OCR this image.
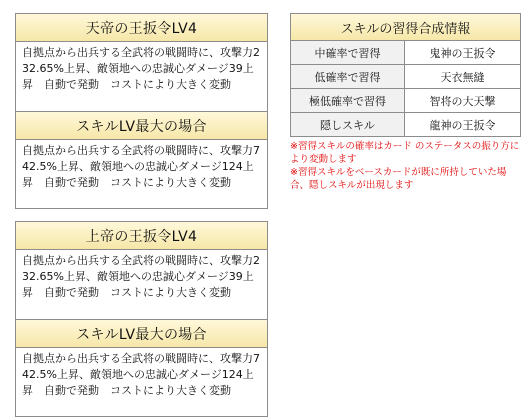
天帝の王扳令LV4
自拠点から出兵する全武将の戦闘時に、攻撃力232.65%上昇、敵領地への忠誠心ダメージ39上昇　自動で発動　コストにより大きく変動
スキルLV最大の場合
自拠点から出兵する全武将の戦闘時に、攻撃力742.5%上昇、敵領地への忠誠心ダメージ124上昇　自動で発動　コストにより大きく変動
上帝の王扳令LV4
自拠点から出兵する全武将の戦闘時に、攻撃力232.65%上昇、敵領地への忠誠心ダメージ39上昇　自動で発動　コストにより大きく変動
スキルLV最大の場合
自拠点から出兵する全武将の戦闘時に、攻撃力742.5%上昇、敵領地への忠誠心ダメージ124上昇　自動で発動　コストにより大きく変動
スキルの習得合成情報
中確率で習得	鬼神の王扳令
低確率で習得	天衣無縫
極低確率で習得	智将の大天撃
隠しスキル	龍神の王扳令
※習得スキルの確率はカード のステータスの振り方により変動します
※習得スキルをベースカードが既に所持していた場合、隠しスキルが出現します
